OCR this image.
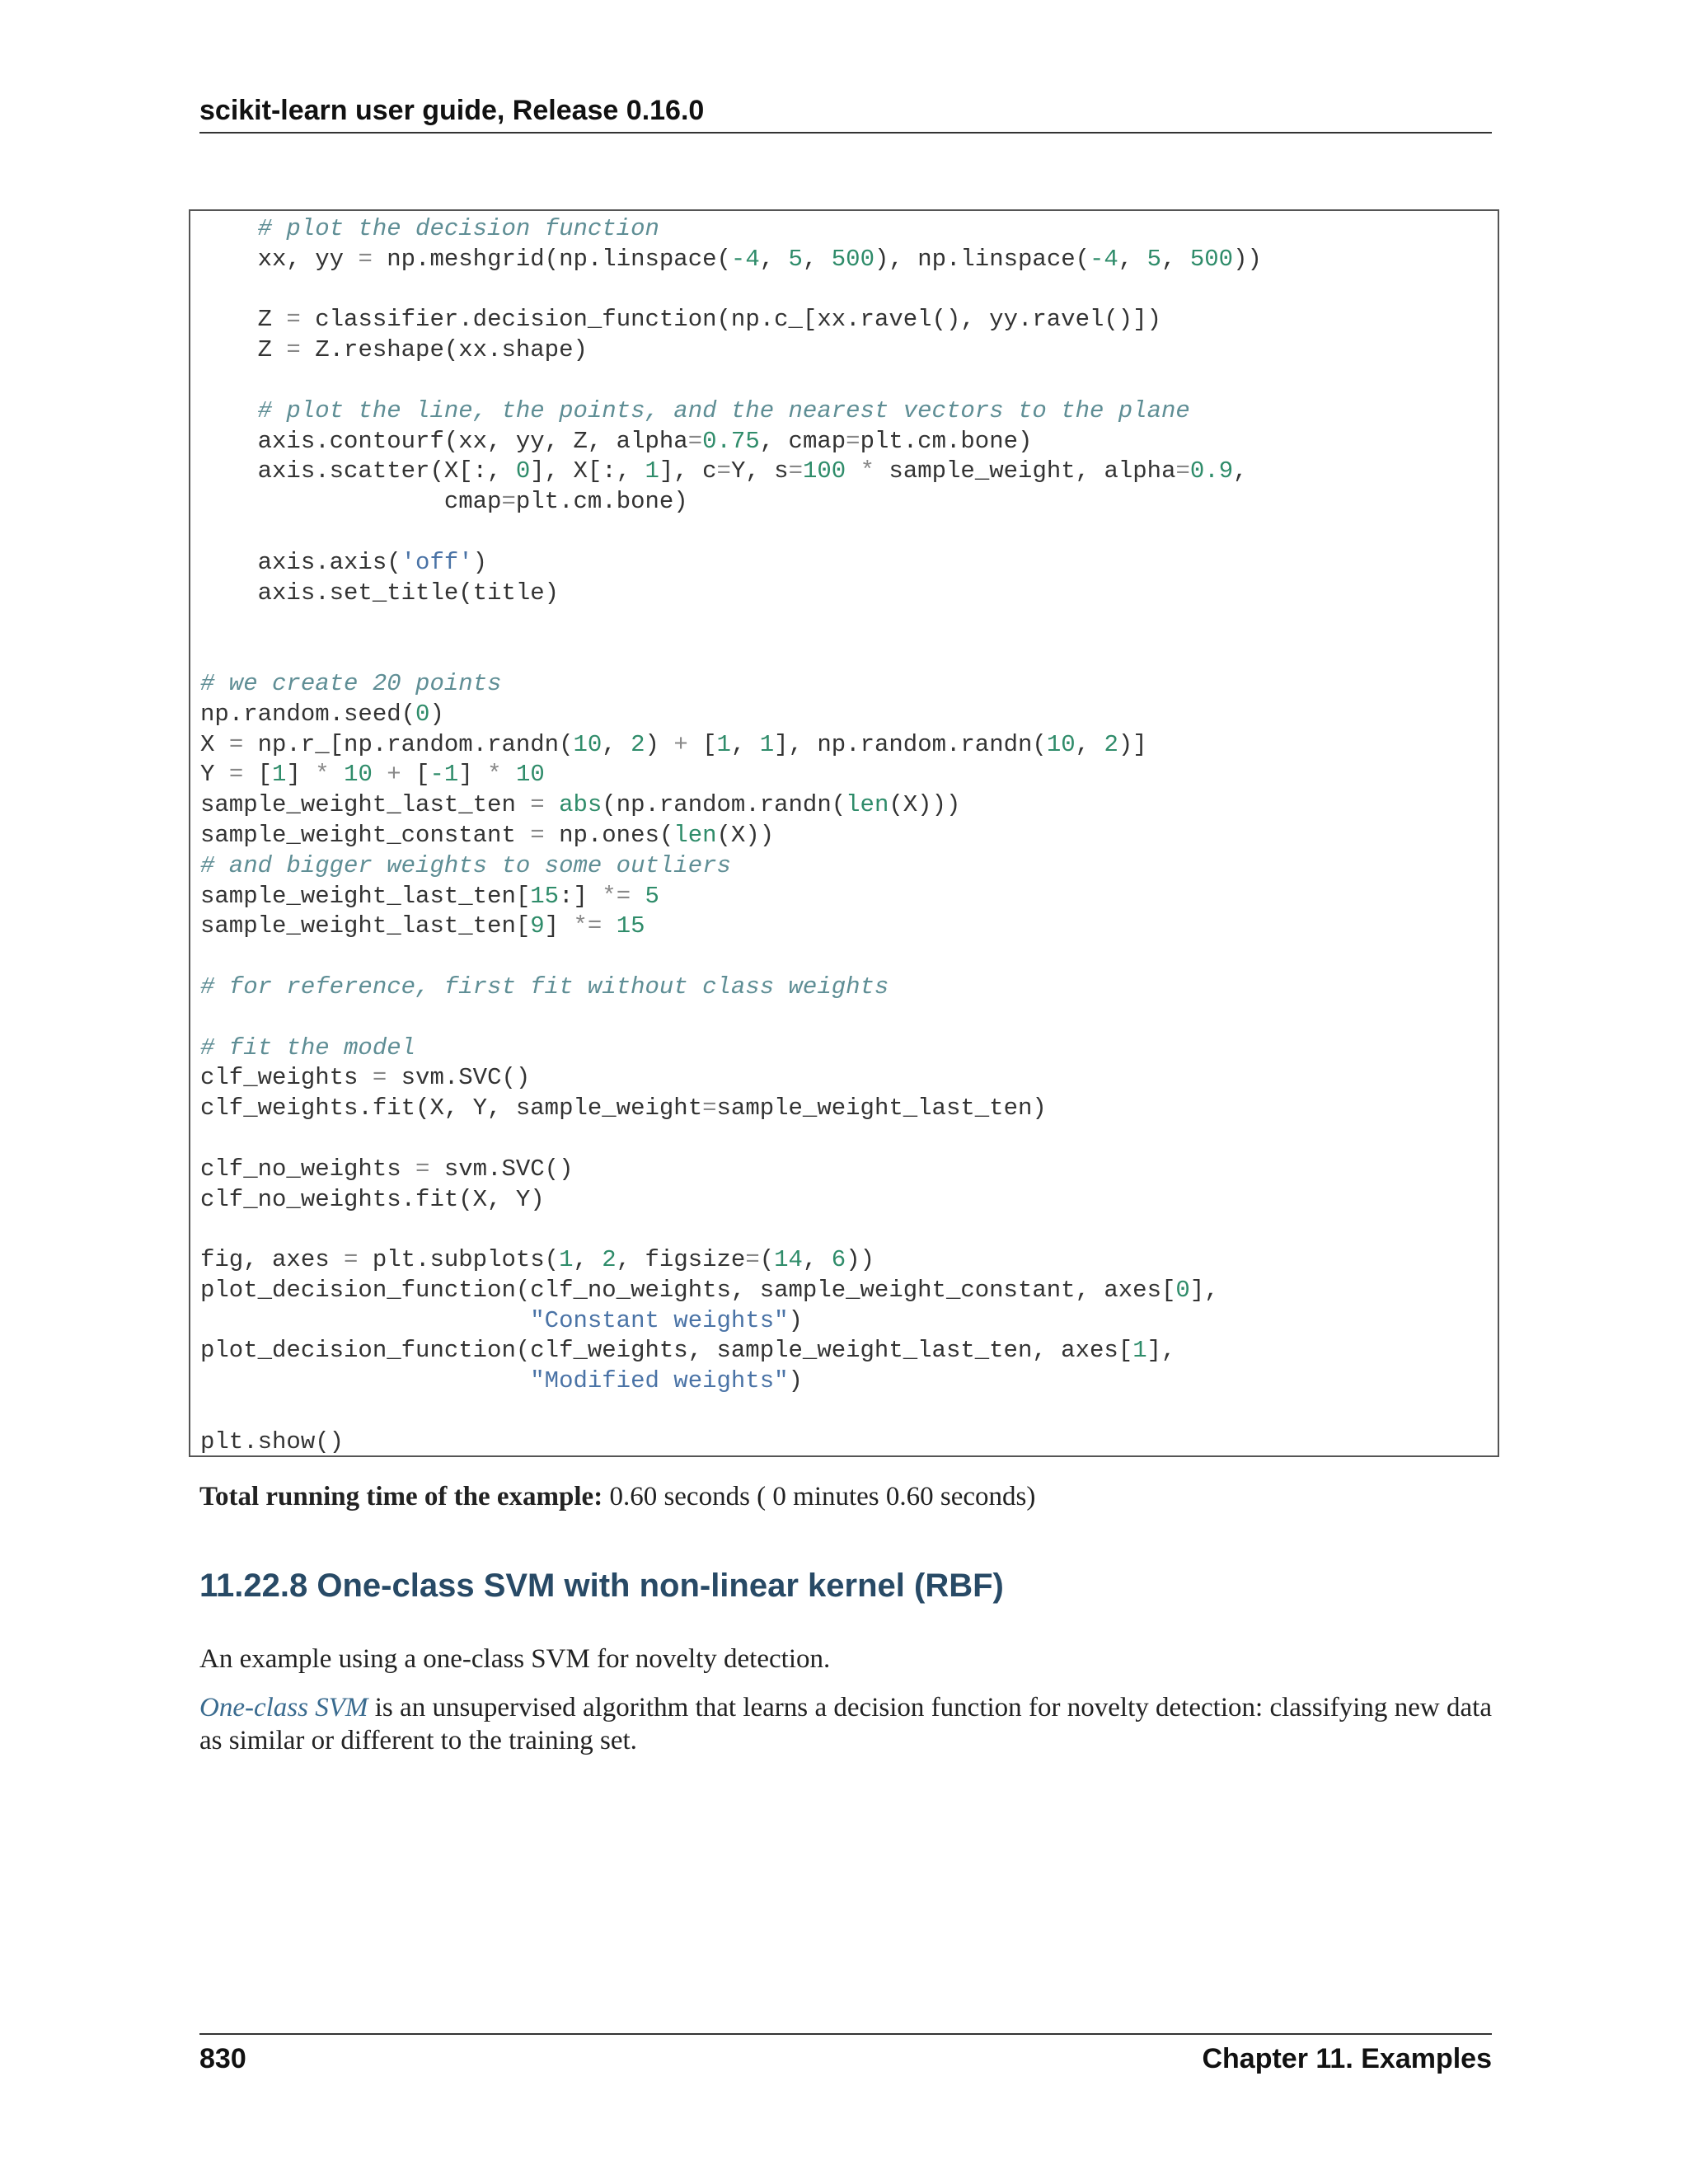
scikit-learn user guide, Release 0.16.0
# plot the decision function
xx, yy = np.meshgrid(np.linspace(-4, 5, 500), np.linspace(-4, 5, 500))
Z = classifier.decision_function(np.c_[xx.ravel(), yy.ravel()])
Z = Z.reshape(xx.shape)
# plot the line, the points, and the nearest vectors to the plane
axis.contourf(xx, yy, Z, alpha=0.75, cmap=plt.cm.bone)
axis.scatter(X[:, 0], X[:, 1], c=Y, s=100 * sample_weight, alpha=0.9,
cmap=plt.cm.bone)
axis.axis('off')
axis.set_title(title)
# we create 20 points
np.random.seed(0)
X = np.r_[np.random.randn(10, 2) + [1, 1], np.random.randn(10, 2)]
Y = [1] * 10 + [-1] * 10
sample_weight_last_ten = abs(np.random.randn(len(X)))
sample_weight_constant = np.ones(len(X))
# and bigger weights to some outliers
sample_weight_last_ten[15:] *= 5
sample_weight_last_ten[9] *= 15
# for reference, first fit without class weights
# fit the model
clf_weights = svm.SVC()
clf_weights.fit(X, Y, sample_weight=sample_weight_last_ten)
clf_no_weights = svm.SVC()
clf_no_weights.fit(X, Y)
fig, axes = plt.subplots(1, 2, figsize=(14, 6))
plot_decision_function(clf_no_weights, sample_weight_constant, axes[0],
"Constant weights")
plot_decision_function(clf_weights, sample_weight_last_ten, axes[1],
"Modified weights")
plt.show()
Total running time of the example: 0.60 seconds ( 0 minutes 0.60 seconds)
11.22.8 One-class SVM with non-linear kernel (RBF)
An example using a one-class SVM for novelty detection.
One-class SVM is an unsupervised algorithm that learns a decision function for novelty detection: classifying new data as similar or different to the training set.
830	Chapter 11. Examples
